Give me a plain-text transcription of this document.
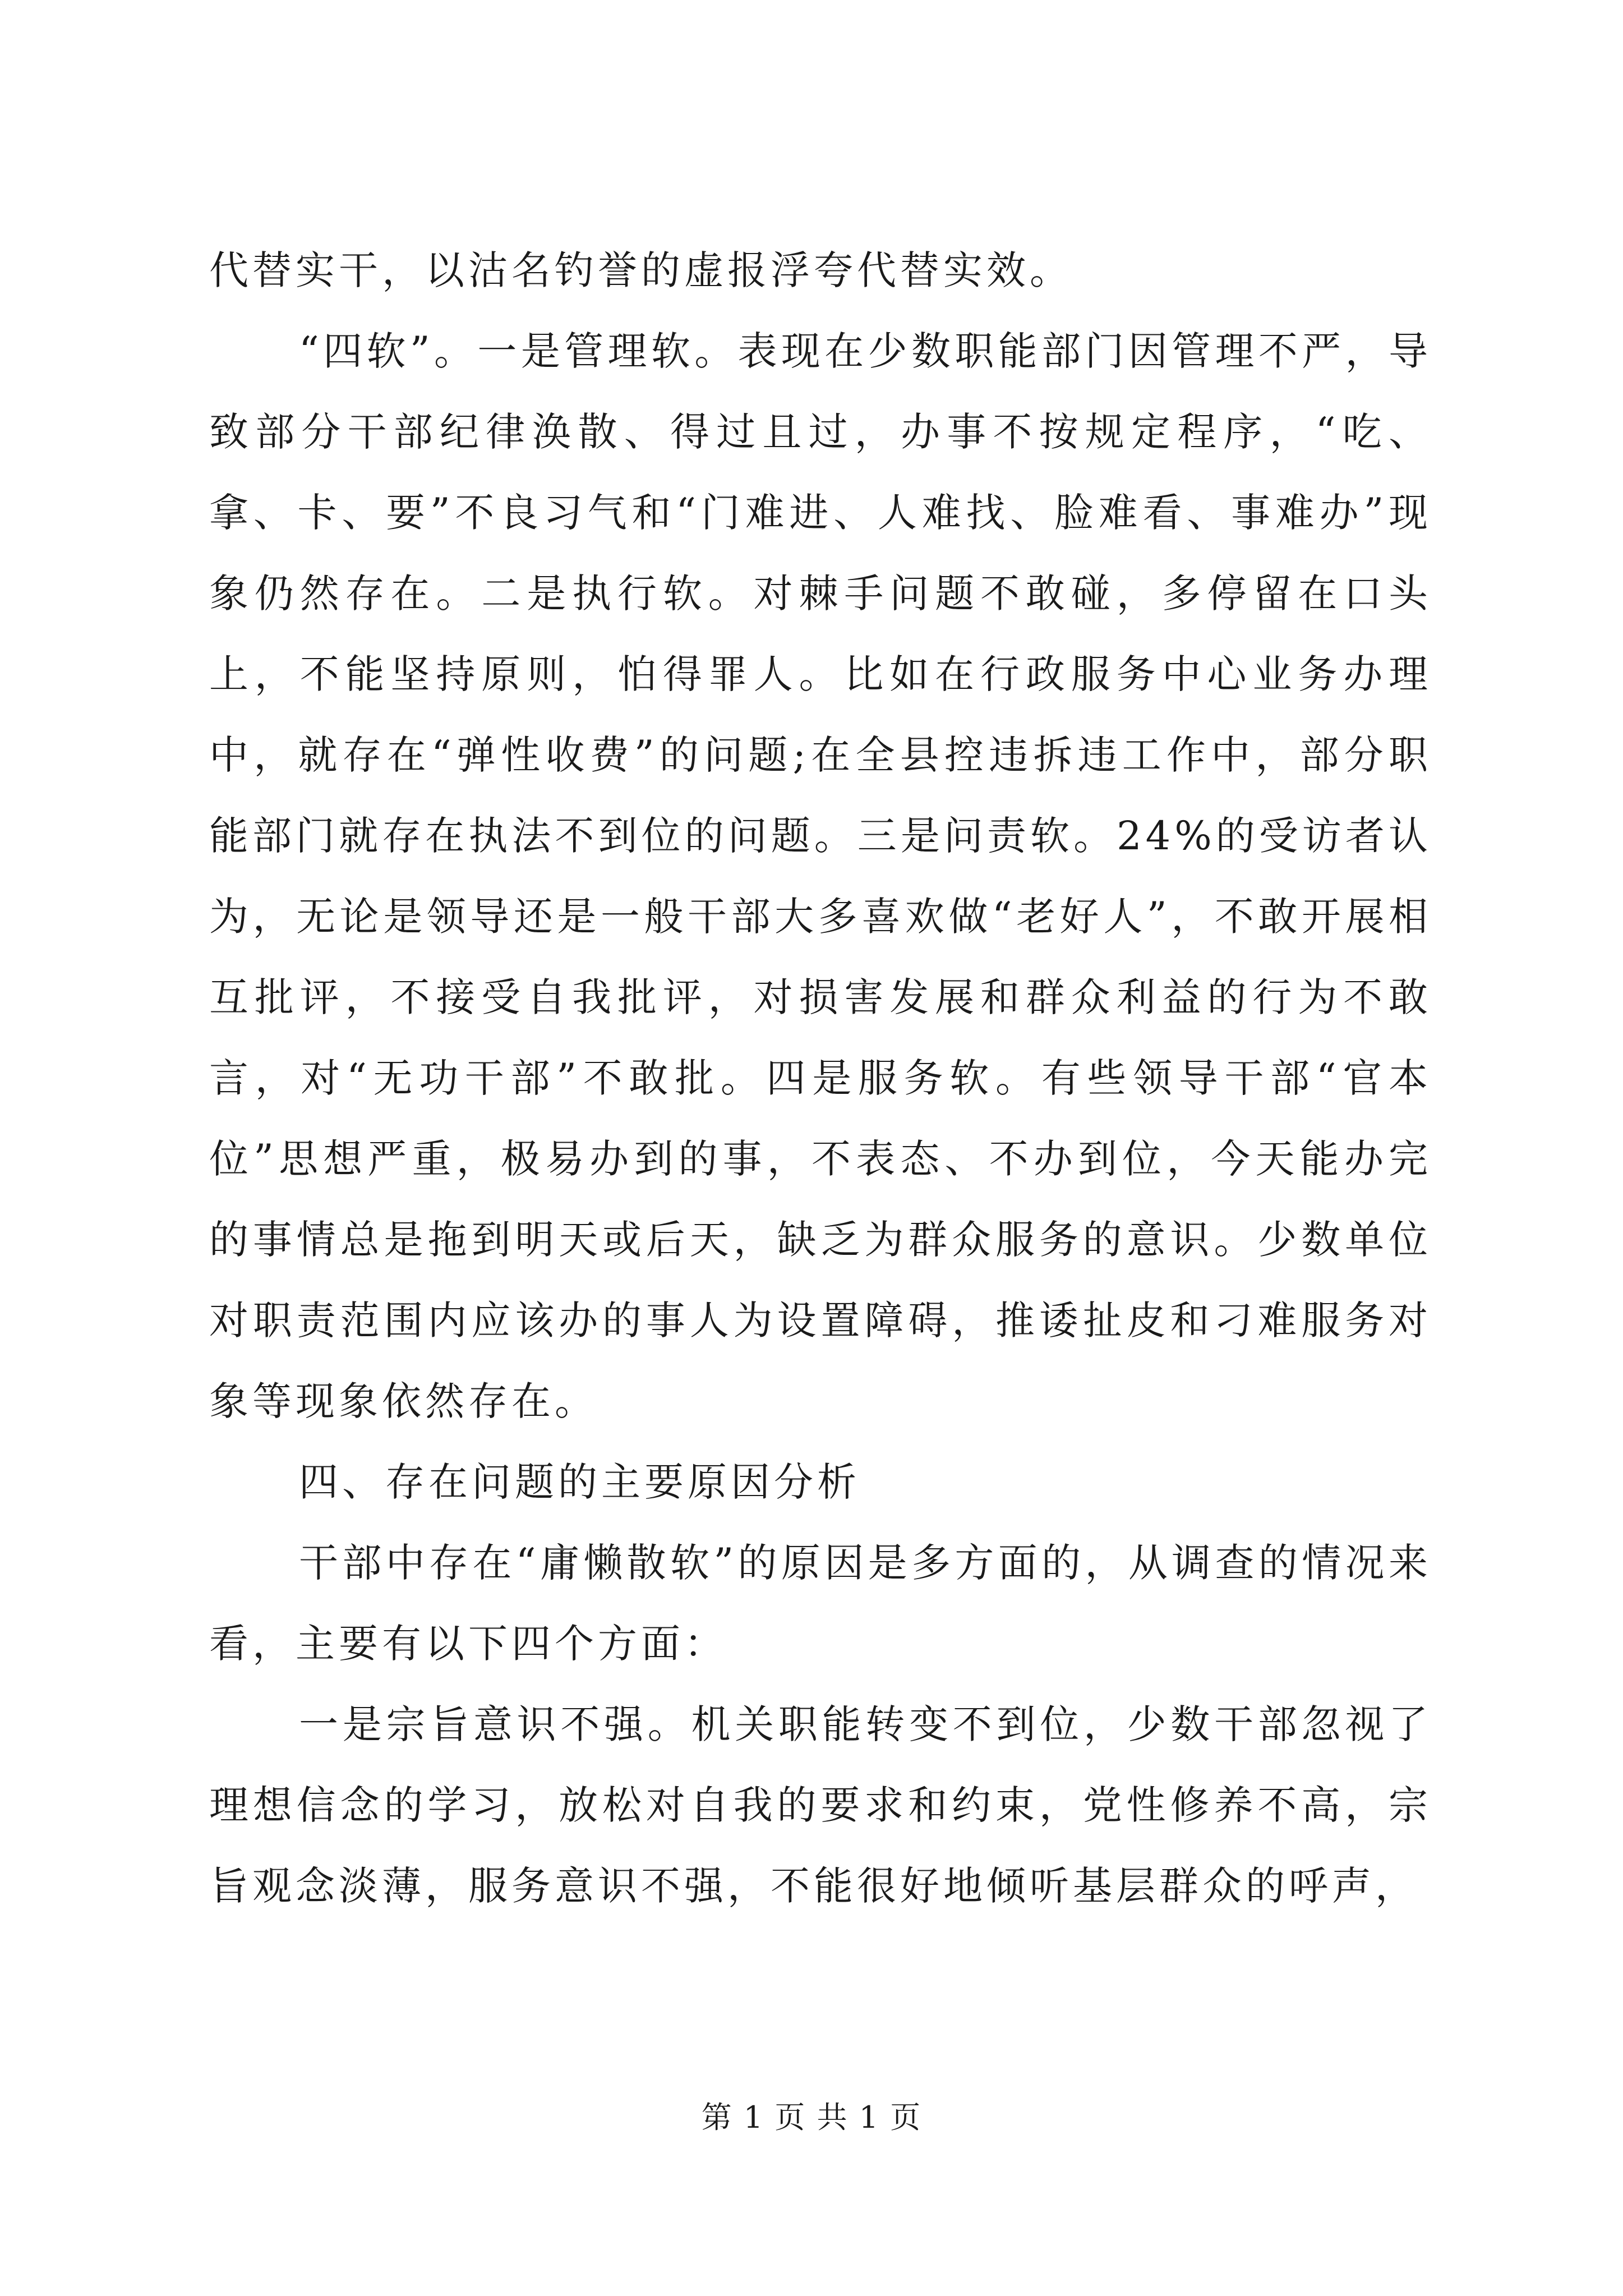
代替实干，以沽名钓誉的虚报浮夸代替实效。

“四软”。一是管理软。表现在少数职能部门因管理不严，导致部分干部纪律涣散、得过且过，办事不按规定程序，“吃、拿、卡、要”不良习气和“门难进、人难找、脸难看、事难办”现象仍然存在。二是执行软。对棘手问题不敢碰，多停留在口头上，不能坚持原则，怕得罪人。比如在行政服务中心业务办理中，就存在“弹性收费”的问题;在全县控违拆违工作中，部分职能部门就存在执法不到位的问题。三是问责软。24%的受访者认为，无论是领导还是一般干部大多喜欢做“老好人”，不敢开展相互批评，不接受自我批评，对损害发展和群众利益的行为不敢言，对“无功干部”不敢批。四是服务软。有些领导干部“官本位”思想严重，极易办到的事，不表态、不办到位，今天能办完的事情总是拖到明天或后天，缺乏为群众服务的意识。少数单位对职责范围内应该办的事人为设置障碍，推诿扯皮和刁难服务对象等现象依然存在。

四、存在问题的主要原因分析

干部中存在“庸懒散软”的原因是多方面的，从调查的情况来看，主要有以下四个方面：

一是宗旨意识不强。机关职能转变不到位，少数干部忽视了理想信念的学习，放松对自我的要求和约束，党性修养不高，宗旨观念淡薄，服务意识不强，不能很好地倾听基层群众的呼声，

第 1 页 共 1 页
